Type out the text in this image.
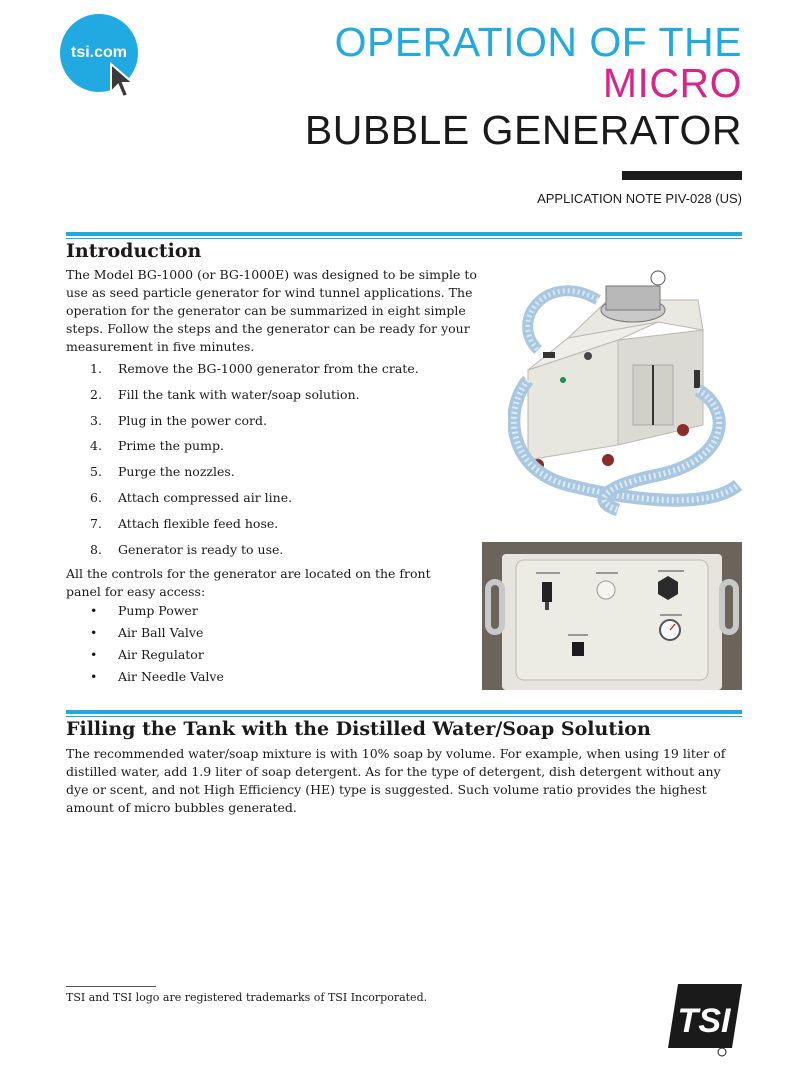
tsi.com	OPERATION OF THE
MICRO
BUBBLE GENERATOR
APPLICATION NOTE PIV-028 (US)
Introduction

The Model BG-1000 (or BG-1000E) was designed to be simple to use as seed particle generator for wind tunnel applications. The operation for the generator can be summarized in eight simple steps. Follow the steps and the generator can be ready for your measurement in five minutes.

1.	Remove the BG-1000 generator from the crate.
2.	Fill the tank with water/soap solution.
3.	Plug in the power cord.
4.	Prime the pump.
5.	Purge the nozzles.
6.	Attach compressed air line.
7.	Attach flexible feed hose.
8.	Generator is ready to use.

All the controls for the generator are located on the front panel for easy access:

•	Pump Power
•	Air Ball Valve
•	Air Regulator
•	Air Needle Valve
Filling the Tank with the Distilled Water/Soap Solution

The recommended water/soap mixture is with 10% soap by volume. For example, when using 19 liter of distilled water, add 1.9 liter of soap detergent. As for the type of detergent, dish detergent without any dye or scent, and not High Efficiency (HE) type is suggested. Such volume ratio provides the highest amount of micro bubbles generated.

TSI and TSI logo are registered trademarks of TSI Incorporated.
TSI
